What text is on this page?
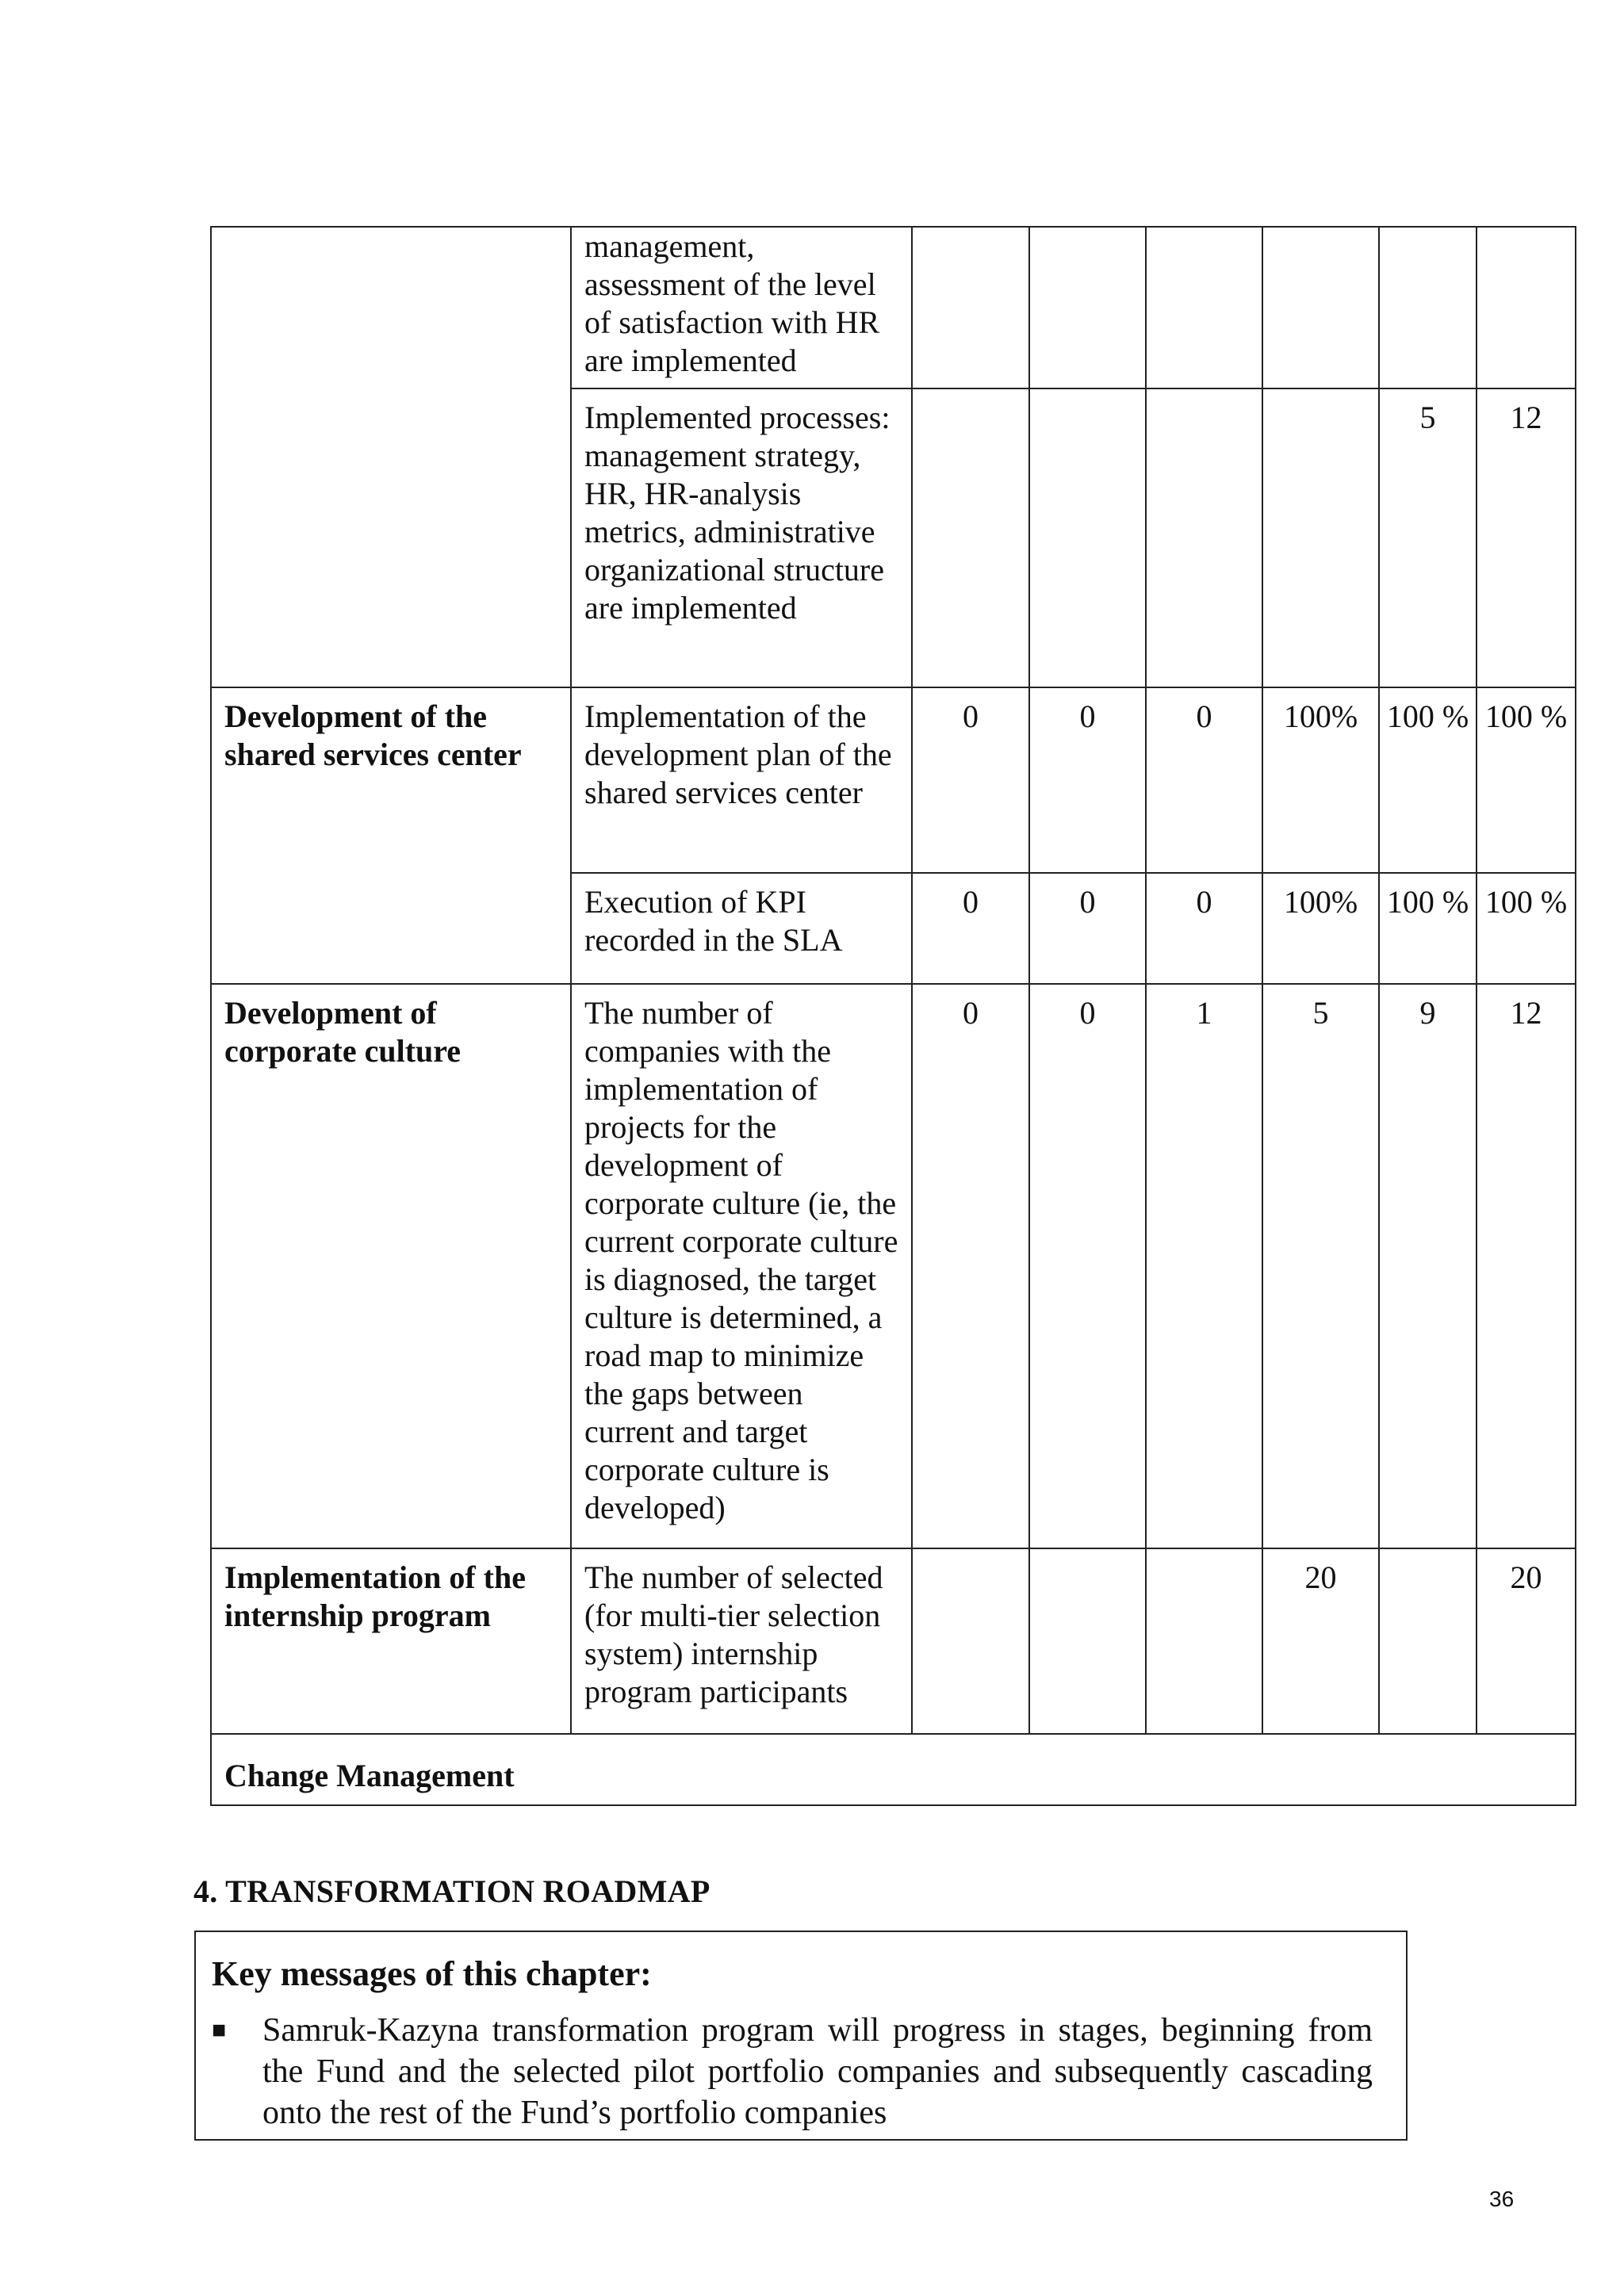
	management, assessment of the level of satisfaction with HR are implemented						
	Implemented processes: management strategy, HR, HR-analysis metrics, administrative organizational structure are implemented					5	12
Development of the shared services center	Implementation of the development plan of the shared services center	0	0	0	100%	100 %	100 %
	Execution of KPI recorded in the SLA	0	0	0	100%	100 %	100 %
Development of corporate culture	The number of companies with the implementation of projects for the development of corporate culture (ie, the current corporate culture is diagnosed, the target culture is determined, a road map to minimize the gaps between current and target corporate culture is developed)	0	0	1	5	9	12
Implementation of the internship program	The number of selected (for multi-tier selection system) internship program participants				20		20
Change Management							
4. TRANSFORMATION ROADMAP
Key messages of this chapter:
■ Samruk-Kazyna transformation program will progress in stages, beginning from the Fund and the selected pilot portfolio companies and subsequently cascading onto the rest of the Fund’s portfolio companies
36
